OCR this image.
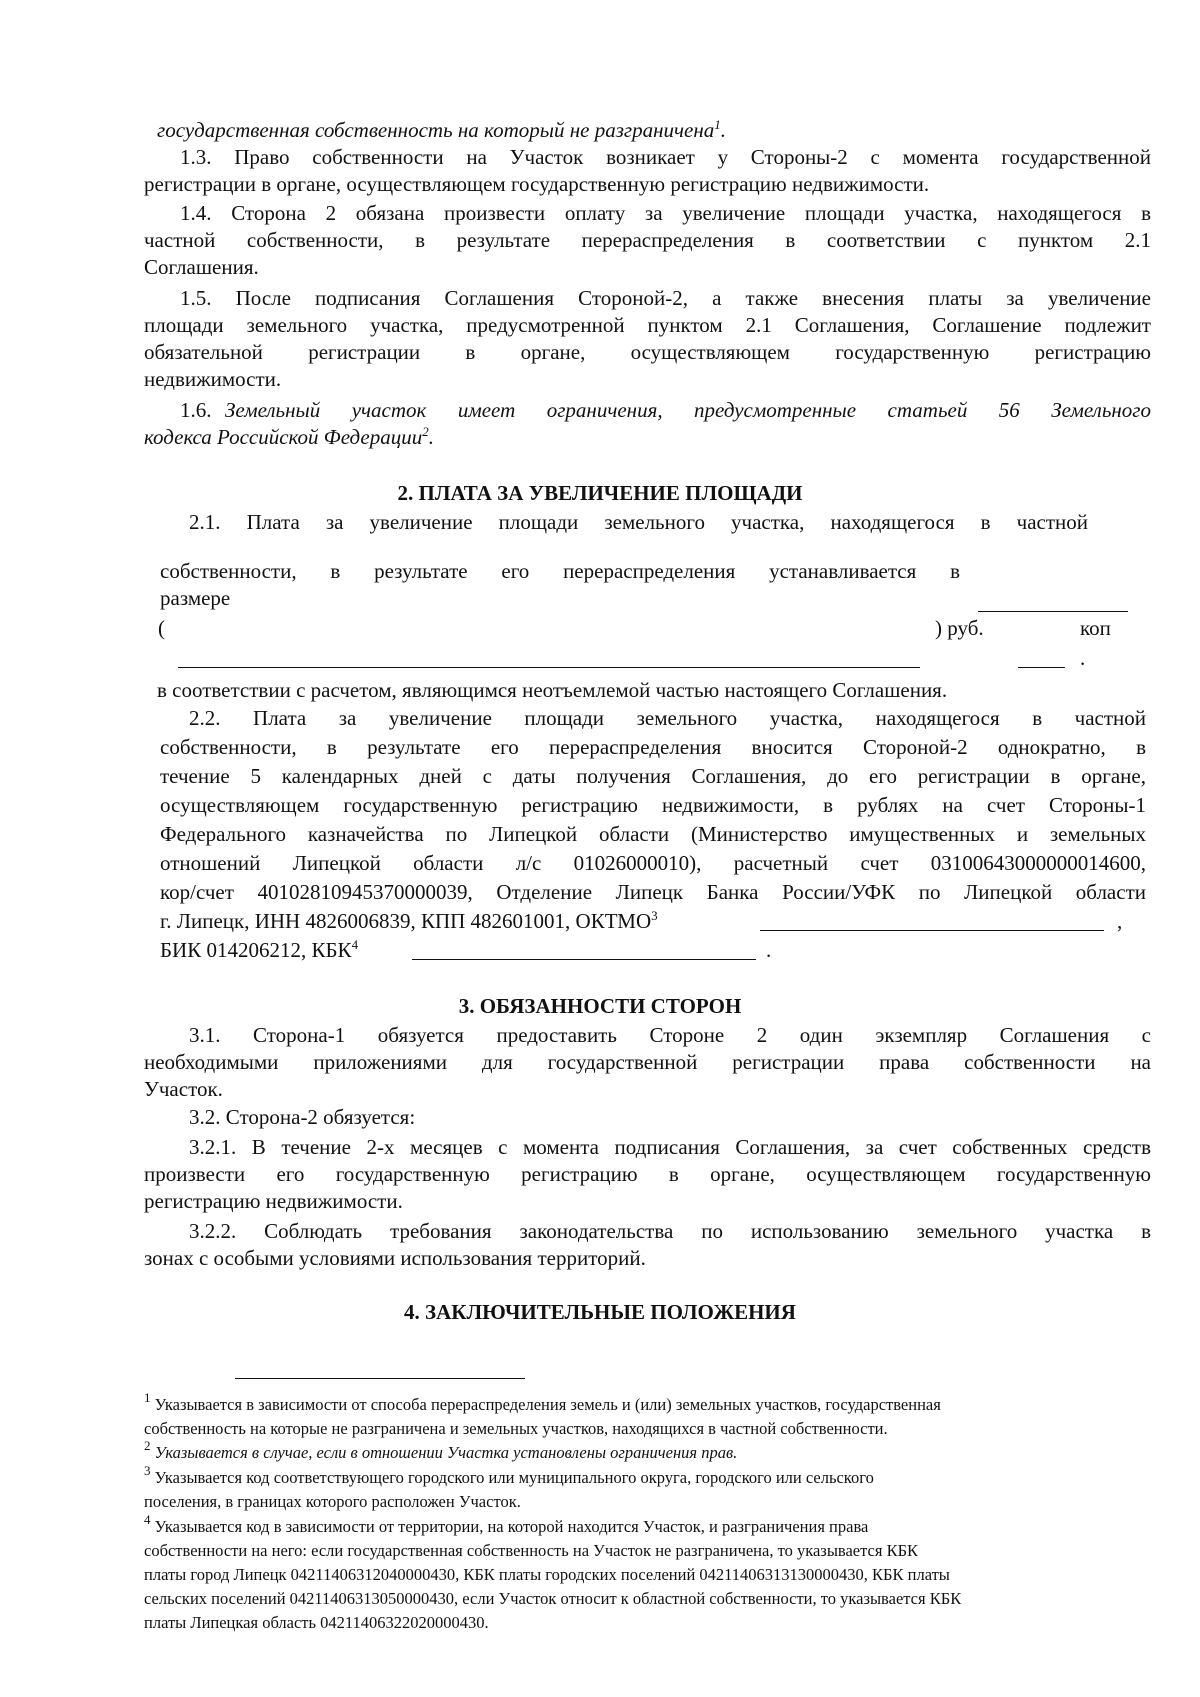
государственная собственность на который не разграничена$^1$.
1.3. Право собственности на Участок возникает у Стороны-2 с момента государственной
регистрации в органе, осуществляющем государственную регистрацию недвижимости.
1.4. Сторона 2 обязана произвести оплату за увеличение площади участка, находящегося в
частной собственности, в результате перераспределения в соответствии с пунктом 2.1
Соглашения.
1.5. После подписания Соглашения Стороной-2, а также внесения платы за увеличение
площади земельного участка, предусмотренной пунктом 2.1 Соглашения, Соглашение подлежит
обязательной регистрации в органе, осуществляющем государственную регистрацию
недвижимости.
1.6. Земельный участок имеет ограничения, предусмотренные статьей 56 Земельного
кодекса Российской Федерации$^2$.
2. ПЛАТА ЗА УВЕЛИЧЕНИЕ ПЛОЩАДИ
2.1. Плата за увеличение площади земельного участка, находящегося в частной
собственности, в результате его перераспределения устанавливается в
размере
(	) руб.	коп
.
в соответствии с расчетом, являющимся неотъемлемой частью настоящего Соглашения.
2.2. Плата за увеличение площади земельного участка, находящегося в частной
собственности, в результате его перераспределения вносится Стороной-2 однократно, в
течение 5 календарных дней с даты получения Соглашения, до его регистрации в органе,
осуществляющем государственную регистрацию недвижимости, в рублях на счет Стороны-1
Федерального казначейства по Липецкой области (Министерство имущественных и земельных
отношений Липецкой области л/с 01026000010), расчетный счет 03100643000000014600,
кор/счет 40102810945370000039, Отделение Липецк Банка России/УФК по Липецкой области
г. Липецк, ИНН 4826006839, КПП 482601001, ОКТМО$^3$	,
БИК 014206212, КБК$^4$	.
3. ОБЯЗАННОСТИ СТОРОН
3.1. Сторона-1 обязуется предоставить Стороне 2 один экземпляр Соглашения с
необходимыми приложениями для государственной регистрации права собственности на
Участок.
3.2. Сторона-2 обязуется:
3.2.1. В течение 2-х месяцев с момента подписания Соглашения, за счет собственных средств
произвести его государственную регистрацию в органе, осуществляющем государственную
регистрацию недвижимости.
3.2.2. Соблюдать требования законодательства по использованию земельного участка в
зонах с особыми условиями использования территорий.
4. ЗАКЛЮЧИТЕЛЬНЫЕ ПОЛОЖЕНИЯ
$^1$ Указывается в зависимости от способа перераспределения земель и (или) земельных участков, государственная
собственность на которые не разграничена и земельных участков, находящихся в частной собственности.
$^2$ Указывается в случае, если в отношении Участка установлены ограничения прав.
$^3$ Указывается код соответствующего городского или муниципального округа, городского или сельского
поселения, в границах которого расположен Участок.
$^4$ Указывается код в зависимости от территории, на которой находится Участок, и разграничения права
собственности на него: если государственная собственность на Участок не разграничена, то указывается КБК
платы город Липецк 04211406312040000430, КБК платы городских поселений 04211406313130000430, КБК платы
сельских поселений 04211406313050000430, если Участок относит к областной собственности, то указывается КБК
платы Липецкая область 04211406322020000430.
